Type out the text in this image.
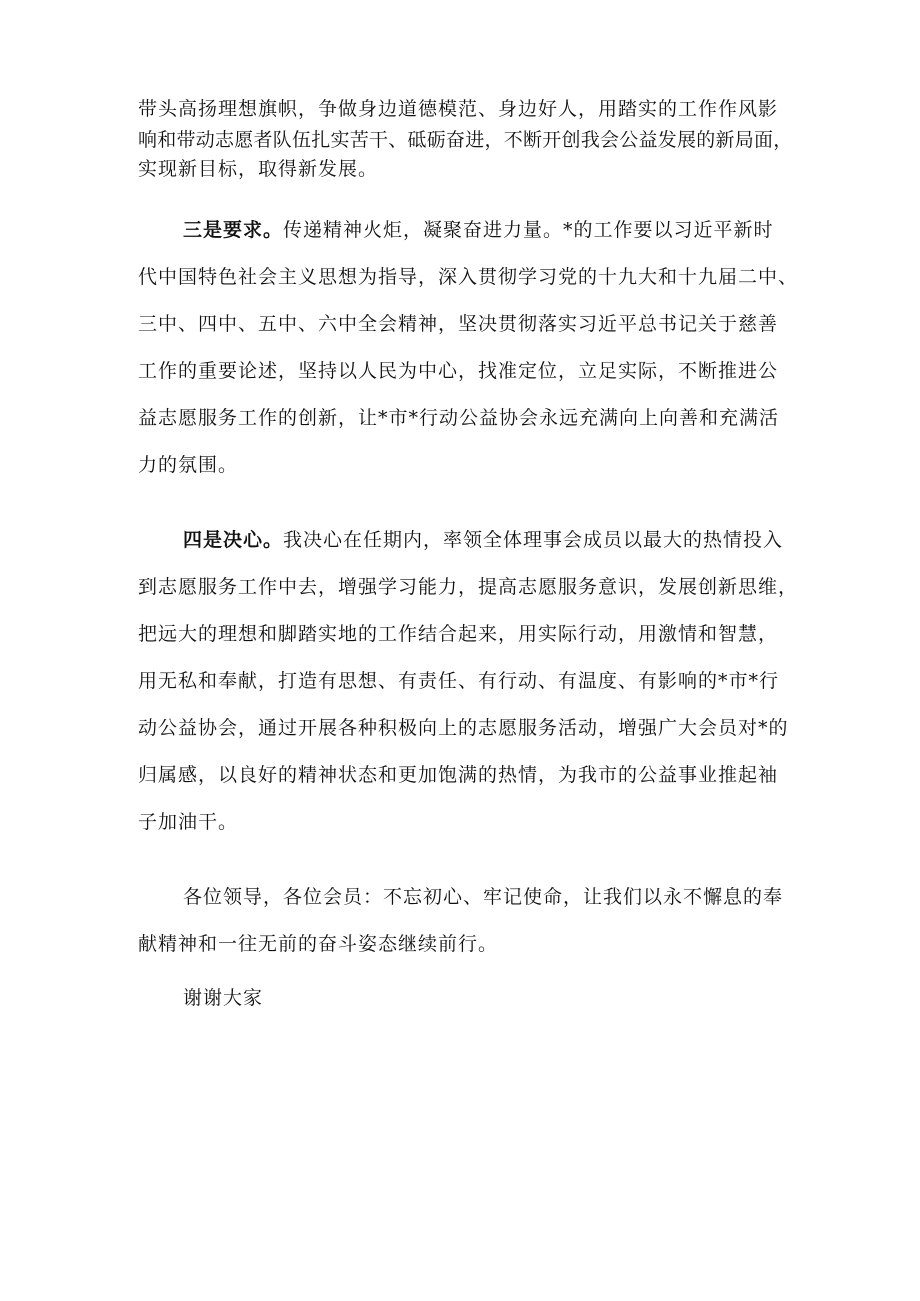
带头高扬理想旗帜，争做身边道德模范、身边好人，用踏实的工作作风影

响和带动志愿者队伍扎实苦干、砥砺奋进，不断开创我会公益发展的新局面，

实现新目标，取得新发展。

三是要求。传递精神火炬，凝聚奋进力量。*的工作要以习近平新时

代中国特色社会主义思想为指导，深入贯彻学习党的十九大和十九届二中、

三中、四中、五中、六中全会精神，坚决贯彻落实习近平总书记关于慈善

工作的重要论述，坚持以人民为中心，找准定位，立足实际，不断推进公

益志愿服务工作的创新，让*市*行动公益协会永远充满向上向善和充满活

力的氛围。

四是决心。我决心在任期内，率领全体理事会成员以最大的热情投入

到志愿服务工作中去，增强学习能力，提高志愿服务意识，发展创新思维，

把远大的理想和脚踏实地的工作结合起来，用实际行动，用激情和智慧，

用无私和奉献，打造有思想、有责任、有行动、有温度、有影响的*市*行

动公益协会，通过开展各种积极向上的志愿服务活动，增强广大会员对*的

归属感，以良好的精神状态和更加饱满的热情，为我市的公益事业推起袖

子加油干。

各位领导，各位会员：不忘初心、牢记使命，让我们以永不懈息的奉

献精神和一往无前的奋斗姿态继续前行。

谢谢大家
